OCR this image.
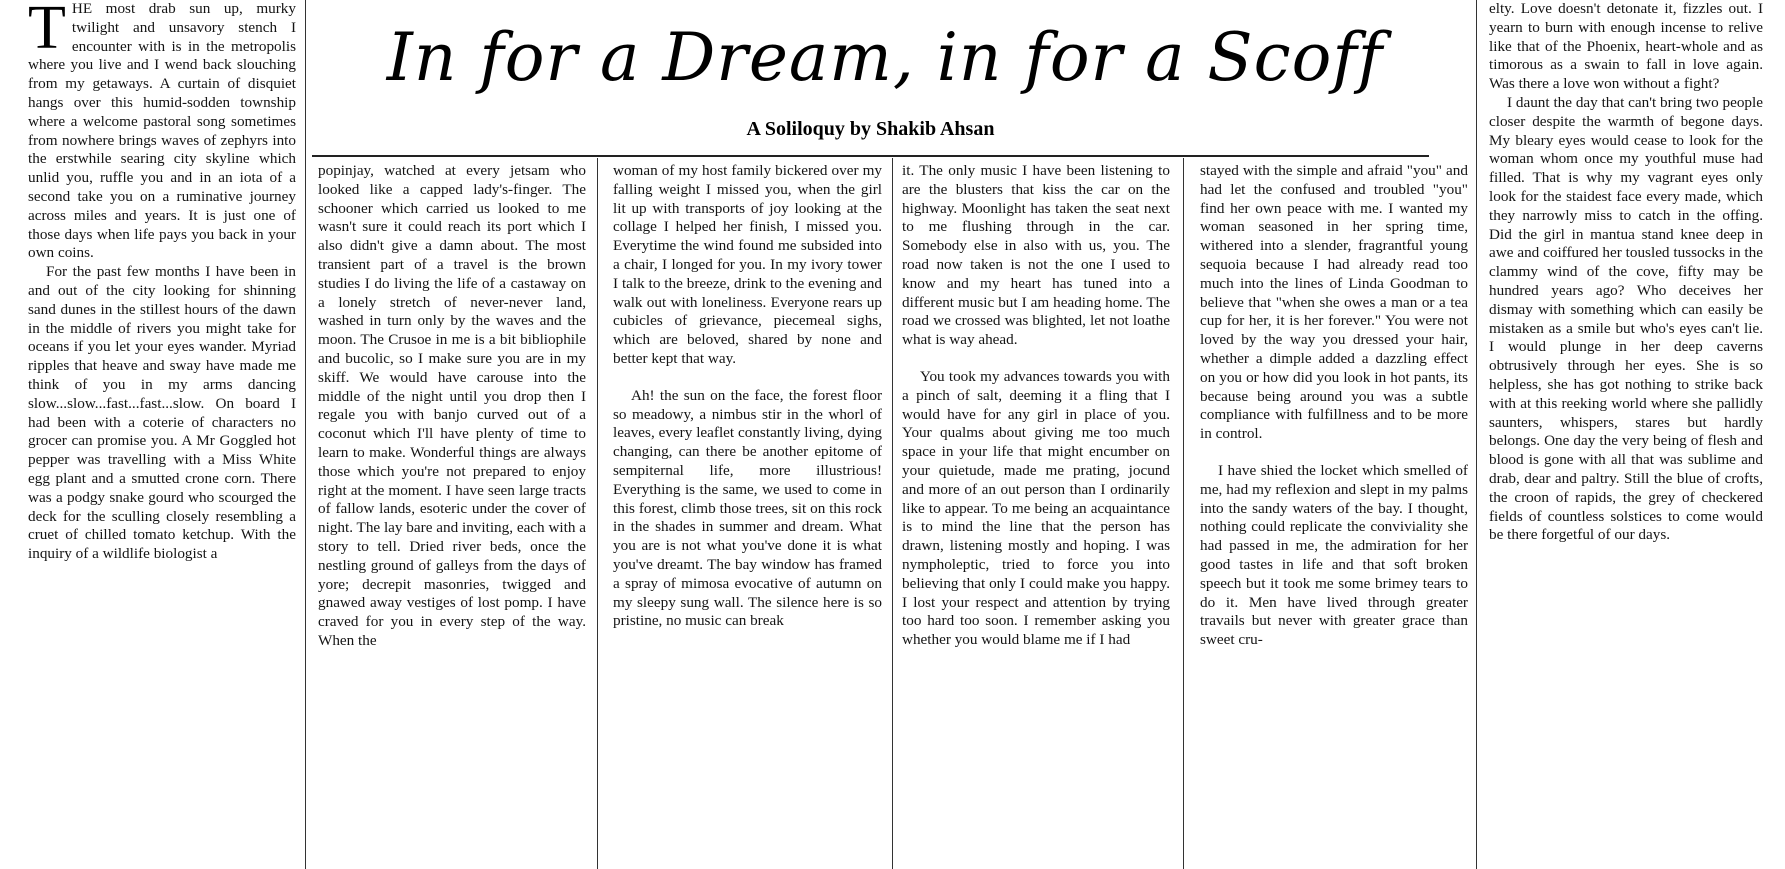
In for a Dream, in for a Scoff
A Soliloquy by Shakib Ahsan

THE most drab sun up, murky twilight and unsavory stench I encounter with is in the metropolis where you live and I wend back slouching from my getaways. A curtain of disquiet hangs over this humid-sodden township where a welcome pastoral song sometimes from nowhere brings waves of zephyrs into the erstwhile searing city skyline which unlid you, ruffle you and in an iota of a second take you on a ruminative journey across miles and years. It is just one of those days when life pays you back in your own coins.

For the past few months I have been in and out of the city looking for shinning sand dunes in the stillest hours of the dawn in the middle of rivers you might take for oceans if you let your eyes wander. Myriad ripples that heave and sway have made me think of you in my arms dancing slow...slow...fast...fast...slow. On board I had been with a coterie of characters no grocer can promise you. A Mr Goggled hot pepper was travelling with a Miss White egg plant and a smutted crone corn. There was a podgy snake gourd who scourged the deck for the sculling closely resembling a cruet of chilled tomato ketchup. With the inquiry of a wildlife biologist a

popinjay, watched at every jetsam who looked like a capped lady's-finger. The schooner which carried us looked to me wasn't sure it could reach its port which I also didn't give a damn about. The most transient part of a travel is the brown studies I do living the life of a castaway on a lonely stretch of never-never land, washed in turn only by the waves and the moon. The Crusoe in me is a bit bibliophile and bucolic, so I make sure you are in my skiff. We would have carouse into the middle of the night until you drop then I regale you with banjo curved out of a coconut which I'll have plenty of time to learn to make. Wonderful things are always those which you're not prepared to enjoy right at the moment. I have seen large tracts of fallow lands, esoteric under the cover of night. The lay bare and inviting, each with a story to tell. Dried river beds, once the nestling ground of galleys from the days of yore; decrepit masonries, twigged and gnawed away vestiges of lost pomp. I have craved for you in every step of the way. When the

woman of my host family bickered over my falling weight I missed you, when the girl lit up with transports of joy looking at the collage I helped her finish, I missed you. Everytime the wind found me subsided into a chair, I longed for you. In my ivory tower I talk to the breeze, drink to the evening and walk out with loneliness. Everyone rears up cubicles of grievance, piecemeal sighs, which are beloved, shared by none and better kept that way.

Ah! the sun on the face, the forest floor so meadowy, a nimbus stir in the whorl of leaves, every leaflet constantly living, dying changing, can there be another epitome of sempiternal life, more illustrious! Everything is the same, we used to come in this forest, climb those trees, sit on this rock in the shades in summer and dream. What you are is not what you've done it is what you've dreamt. The bay window has framed a spray of mimosa evocative of autumn on my sleepy sung wall. The silence here is so pristine, no music can break

it. The only music I have been listening to are the blusters that kiss the car on the highway. Moonlight has taken the seat next to me flushing through in the car. Somebody else in also with us, you. The road now taken is not the one I used to know and my heart has tuned into a different music but I am heading home. The road we crossed was blighted, let not loathe what is way ahead.

You took my advances towards you with a pinch of salt, deeming it a fling that I would have for any girl in place of you. Your qualms about giving me too much space in your life that might encumber on your quietude, made me prating, jocund and more of an out person than I ordinarily like to appear. To me being an acquaintance is to mind the line that the person has drawn, listening mostly and hoping. I was nympholeptic, tried to force you into believing that only I could make you happy. I lost your respect and attention by trying too hard too soon. I remember asking you whether you would blame me if I had

stayed with the simple and afraid "you" and had let the confused and troubled "you" find her own peace with me. I wanted my woman seasoned in her spring time, withered into a slender, fragrantful young sequoia because I had already read too much into the lines of Linda Goodman to believe that "when she owes a man or a tea cup for her, it is her forever." You were not loved by the way you dressed your hair, whether a dimple added a dazzling effect on you or how did you look in hot pants, its because being around you was a subtle compliance with fulfillness and to be more in control.

I have shied the locket which smelled of me, had my reflexion and slept in my palms into the sandy waters of the bay. I thought, nothing could replicate the conviviality she had passed in me, the admiration for her good tastes in life and that soft broken speech but it took me some brimey tears to do it. Men have lived through greater travails but never with greater grace than sweet cru-

elty. Love doesn't detonate it, fizzles out. I yearn to burn with enough incense to relive like that of the Phoenix, heart-whole and as timorous as a swain to fall in love again. Was there a love won without a fight?

I daunt the day that can't bring two people closer despite the warmth of begone days. My bleary eyes would cease to look for the woman whom once my youthful muse had filled. That is why my vagrant eyes only look for the staidest face every made, which they narrowly miss to catch in the offing. Did the girl in mantua stand knee deep in awe and coiffured her tousled tussocks in the clammy wind of the cove, fifty may be hundred years ago? Who deceives her dismay with something which can easily be mistaken as a smile but who's eyes can't lie. I would plunge in her deep caverns obtrusively through her eyes. She is so helpless, she has got nothing to strike back with at this reeking world where she pallidly saunters, whispers, stares but hardly belongs. One day the very being of flesh and blood is gone with all that was sublime and drab, dear and paltry. Still the blue of crofts, the croon of rapids, the grey of checkered fields of countless solstices to come would be there forgetful of our days.
